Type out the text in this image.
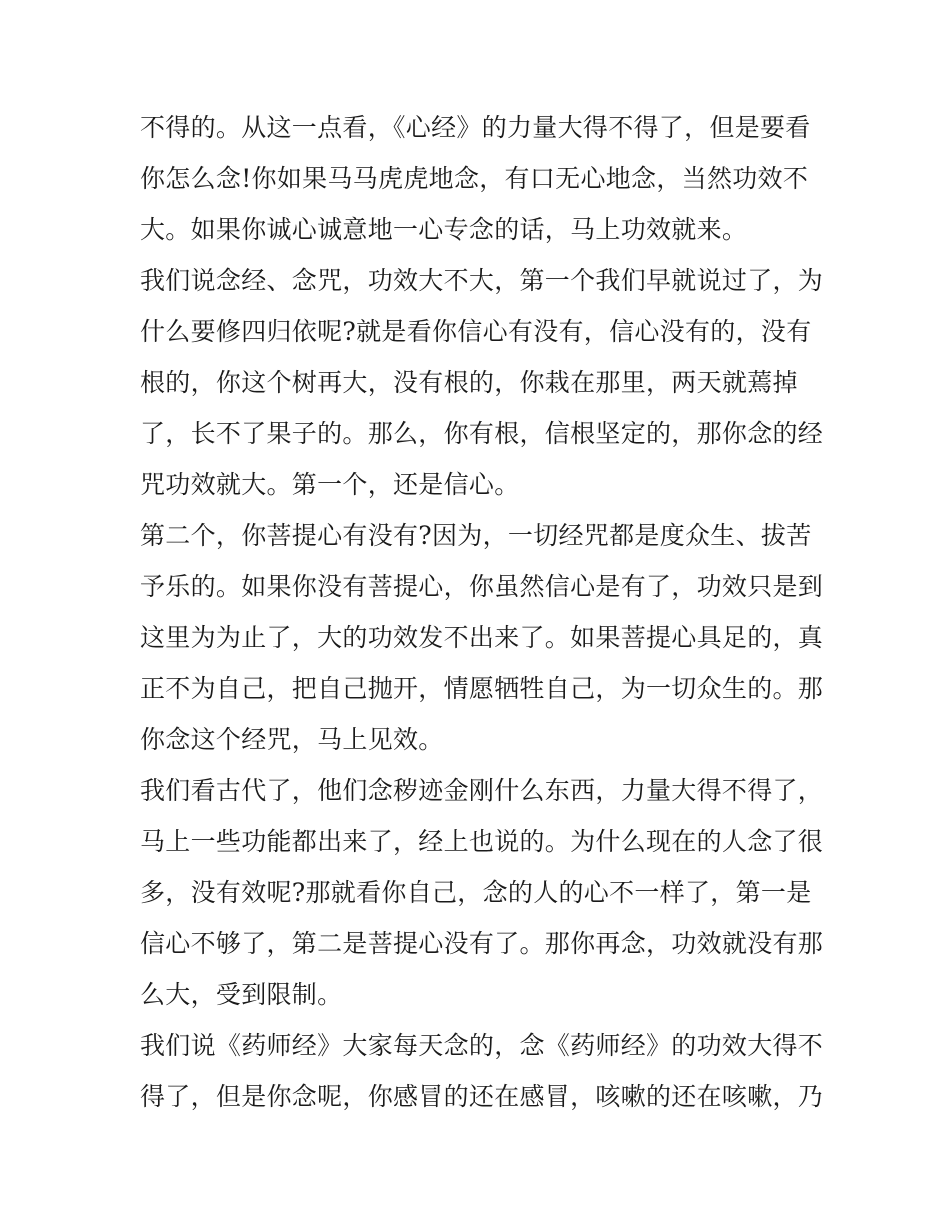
不得的。从这一点看，《心经》的力量大得不得了，但是要看
你怎么念!你如果马马虎虎地念，有口无心地念，当然功效不
大。如果你诚心诚意地一心专念的话，马上功效就来。
我们说念经、念咒，功效大不大，第一个我们早就说过了，为
什么要修四归依呢?就是看你信心有没有，信心没有的，没有
根的，你这个树再大，没有根的，你栽在那里，两天就蔫掉
了，长不了果子的。那么，你有根，信根坚定的，那你念的经
咒功效就大。第一个，还是信心。
第二个，你菩提心有没有?因为，一切经咒都是度众生、拔苦
予乐的。如果你没有菩提心，你虽然信心是有了，功效只是到
这里为为止了，大的功效发不出来了。如果菩提心具足的，真
正不为自己，把自己抛开，情愿牺牲自己，为一切众生的。那
你念这个经咒，马上见效。
我们看古代了，他们念秽迹金刚什么东西，力量大得不得了，
马上一些功能都出来了，经上也说的。为什么现在的人念了很
多，没有效呢?那就看你自己，念的人的心不一样了，第一是
信心不够了，第二是菩提心没有了。那你再念，功效就没有那
么大，受到限制。
我们说《药师经》大家每天念的，念《药师经》的功效大得不
得了，但是你念呢，你感冒的还在感冒，咳嗽的还在咳嗽，乃
